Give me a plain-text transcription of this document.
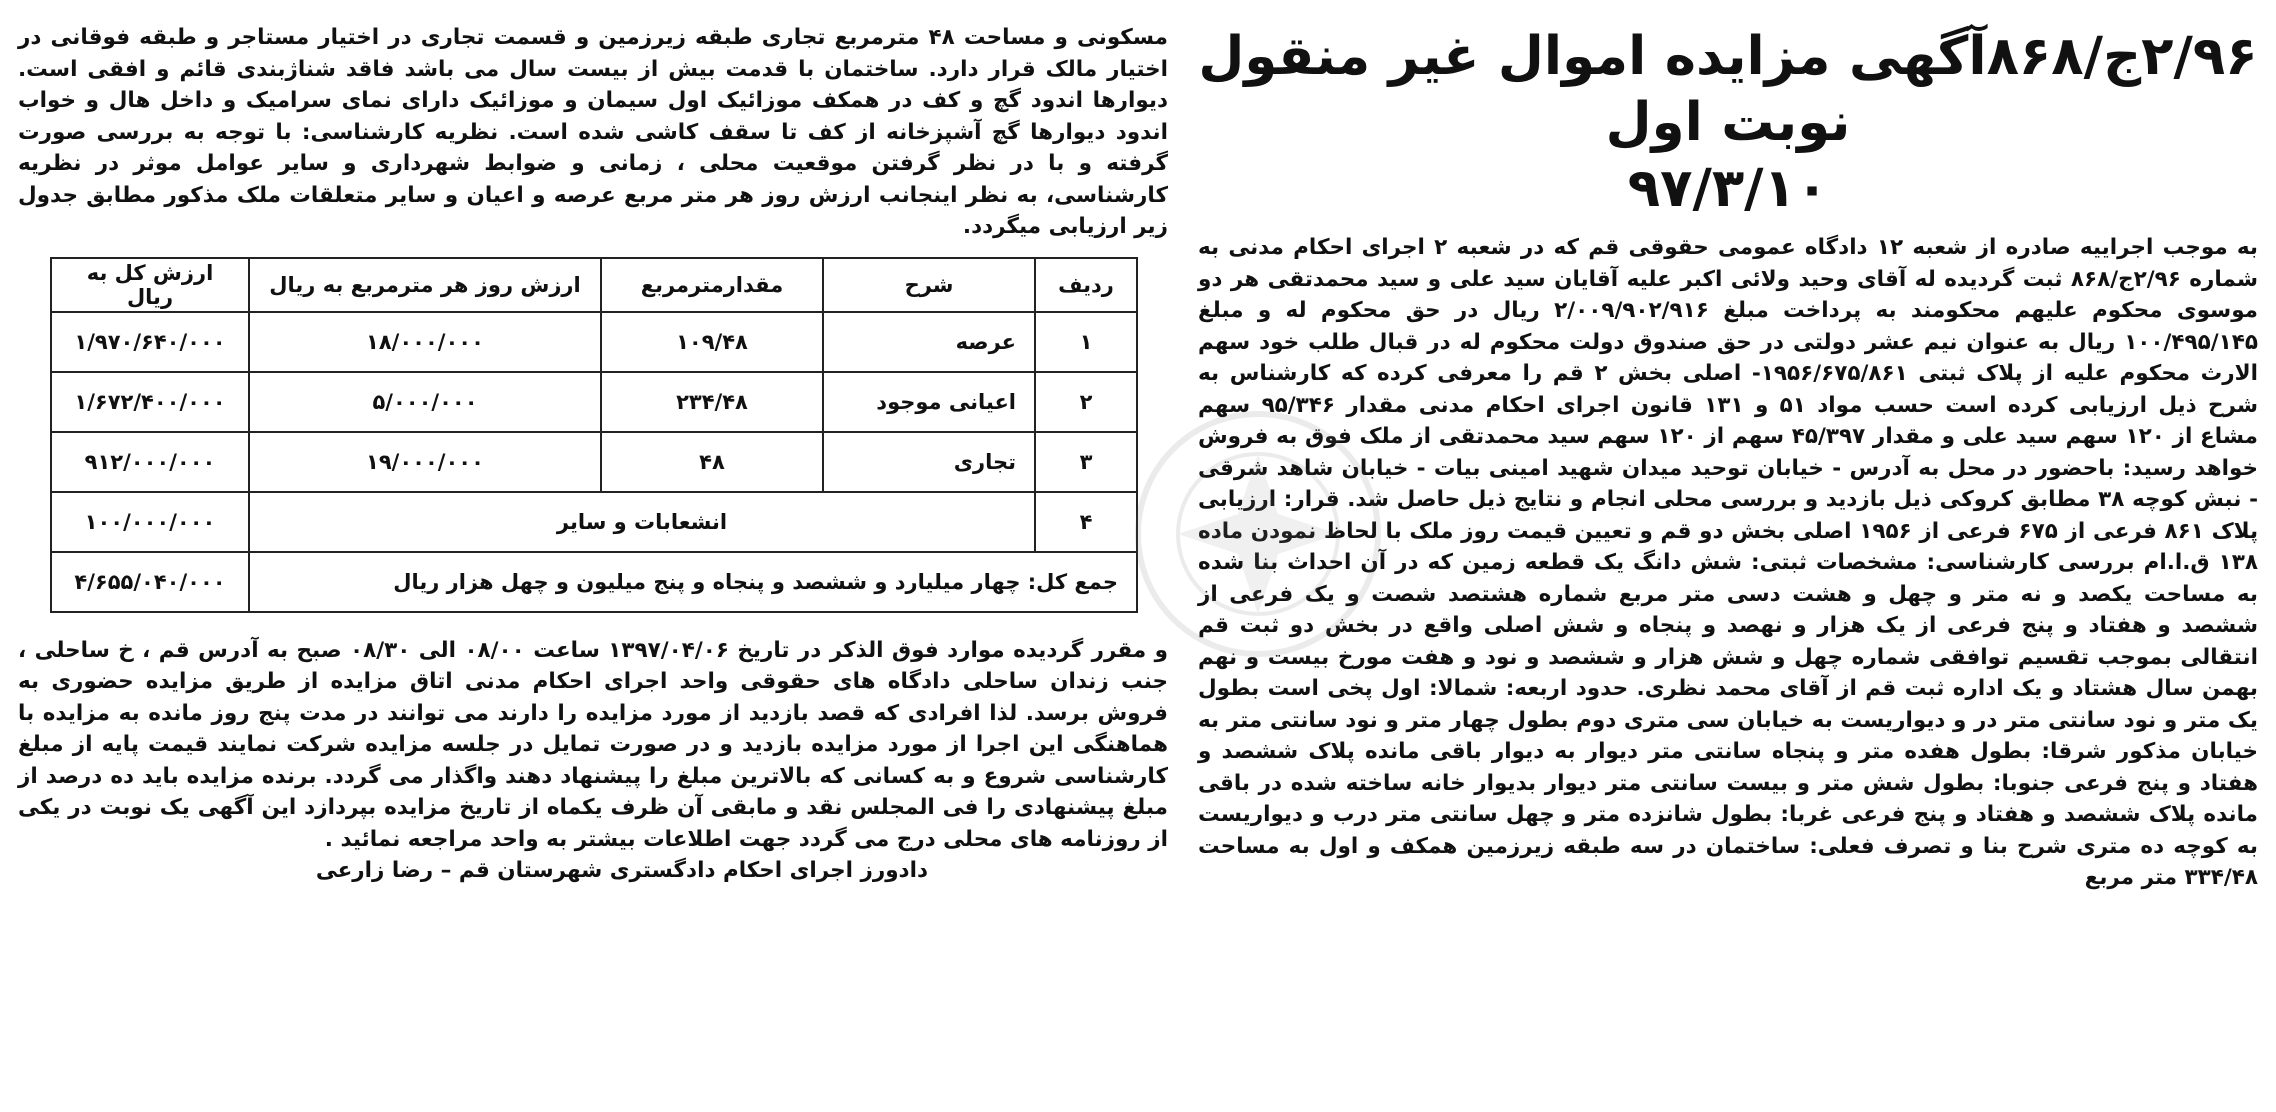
۲/۹۶ج/۸۶۸آگهی مزایده اموال غیر منقول نوبت اول
۹۷/۳/۱۰

به موجب اجراییه صادره از شعبه ۱۲ دادگاه عمومی حقوقی قم که در شعبه ۲ اجرای احکام مدنی به شماره ۲/۹۶ج/۸۶۸ ثبت گردیده له آقای وحید ولائی اکبر علیه آقایان سید علی و سید محمدتقی هر دو موسوی محکوم علیهم محکومند به پرداخت مبلغ ۲/۰۰۹/۹۰۲/۹۱۶ ریال در حق محکوم له و مبلغ ۱۰۰/۴۹۵/۱۴۵ ریال به عنوان نیم عشر دولتی در حق صندوق دولت محکوم له در قبال طلب خود سهم الارث محکوم علیه از پلاک ثبتی ۱۹۵۶/۶۷۵/۸۶۱- اصلی بخش ۲ قم را معرفی کرده که کارشناس به شرح ذیل ارزیابی کرده است حسب مواد ۵۱ و ۱۳۱ قانون اجرای احکام مدنی مقدار ۹۵/۳۴۶ سهم مشاع از ۱۲۰ سهم سید علی و مقدار ۴۵/۳۹۷ سهم از ۱۲۰ سهم سید محمدتقی از ملک فوق به فروش خواهد رسید: باحضور در محل به آدرس - خیابان توحید میدان شهید امینی بیات - خیابان شاهد شرقی - نبش کوچه ۳۸ مطابق کروکی ذیل بازدید و بررسی محلی انجام و نتایج ذیل حاصل شد. قرار: ارزیابی پلاک ۸۶۱ فرعی از ۶۷۵ فرعی از ۱۹۵۶ اصلی بخش دو قم و تعیین قیمت روز ملک با لحاظ نمودن ماده ۱۳۸ ق.ا.ام بررسی کارشناسی: مشخصات ثبتی: شش دانگ یک قطعه زمین که در آن احداث بنا شده به مساحت یکصد و نه متر و چهل و هشت دسی متر مربع شماره هشتصد شصت و یک فرعی از ششصد و هفتاد و پنج فرعی از یک هزار و نهصد و پنجاه و شش اصلی واقع در بخش دو ثبت قم انتقالی بموجب تقسیم توافقی شماره چهل و شش هزار و ششصد و نود و هفت مورخ بیست و نهم بهمن سال هشتاد و یک اداره ثبت قم از آقای محمد نظری. حدود اربعه: شمالا: اول پخی است بطول یک متر و نود سانتی متر در و دیواریست به خیابان سی متری دوم بطول چهار متر و نود سانتی متر به خیابان مذکور شرقا: بطول هفده متر و پنجاه سانتی متر دیوار به دیوار باقی مانده پلاک ششصد و هفتاد و پنج فرعی جنوبا: بطول شش متر و بیست سانتی متر دیوار بدیوار خانه ساخته شده در باقی مانده پلاک ششصد و هفتاد و پنج فرعی غربا: بطول شانزده متر و چهل سانتی متر درب و دیواریست به کوچه ده متری شرح بنا و تصرف فعلی: ساختمان در سه طبقه زیرزمین همکف و اول به مساحت ۳۳۴/۴۸ متر مربع

مسکونی و مساحت ۴۸ مترمربع تجاری طبقه زیرزمین و قسمت تجاری در اختیار مستاجر و طبقه فوقانی در اختیار مالک قرار دارد. ساختمان با قدمت بیش از بیست سال می باشد فاقد شناژبندی قائم و افقی است. دیوارها اندود گچ و کف در همکف موزائیک اول سیمان و موزائیک دارای نمای سرامیک و داخل هال و خواب اندود دیوارها گچ آشپزخانه از کف تا سقف کاشی شده است. نظریه کارشناسی: با توجه به بررسی صورت گرفته و با در نظر گرفتن موقعیت محلی ، زمانی و ضوابط شهرداری و سایر عوامل موثر در نظریه کارشناسی، به نظر اینجانب ارزش روز هر متر مربع عرصه و اعیان و سایر متعلقات ملک مذکور مطابق جدول زیر ارزیابی میگردد.

ردیف	شرح	مقدارمترمربع	ارزش روز هر مترمربع به ریال	ارزش کل به ریال
۱	عرصه	۱۰۹/۴۸	۱۸/۰۰۰/۰۰۰	۱/۹۷۰/۶۴۰/۰۰۰
۲	اعیانی موجود	۲۳۴/۴۸	۵/۰۰۰/۰۰۰	۱/۶۷۲/۴۰۰/۰۰۰
۳	تجاری	۴۸	۱۹/۰۰۰/۰۰۰	۹۱۲/۰۰۰/۰۰۰
۴	انشعابات و سایر			۱۰۰/۰۰۰/۰۰۰
جمع کل: چهار میلیارد و ششصد و پنجاه و پنج میلیون و چهل هزار ریال				۴/۶۵۵/۰۴۰/۰۰۰

و مقرر گردیده موارد فوق الذکر در تاریخ ۱۳۹۷/۰۴/۰۶ ساعت ۰۸/۰۰ الی ۰۸/۳۰ صبح به آدرس قم ، خ ساحلی ، جنب زندان ساحلی دادگاه های حقوقی واحد اجرای احکام مدنی اتاق مزایده از طریق مزایده حضوری به فروش برسد. لذا افرادی که قصد بازدید از مورد مزایده را دارند می توانند در مدت پنج روز مانده به مزایده با هماهنگی این اجرا از مورد مزایده بازدید و در صورت تمایل در جلسه مزایده شرکت نمایند قیمت پایه از مبلغ کارشناسی شروع و به کسانی که بالاترین مبلغ را پیشنهاد دهند واگذار می گردد. برنده مزایده باید ده درصد از مبلغ پیشنهادی را فی المجلس نقد و مابقی آن ظرف یکماه از تاریخ مزایده بپردازد این آگهی یک نوبت در یکی از روزنامه های محلی درج می گردد جهت اطلاعات بیشتر به واحد مراجعه نمائید .

دادورز اجرای احکام دادگستری شهرستان قم – رضا زارعی
